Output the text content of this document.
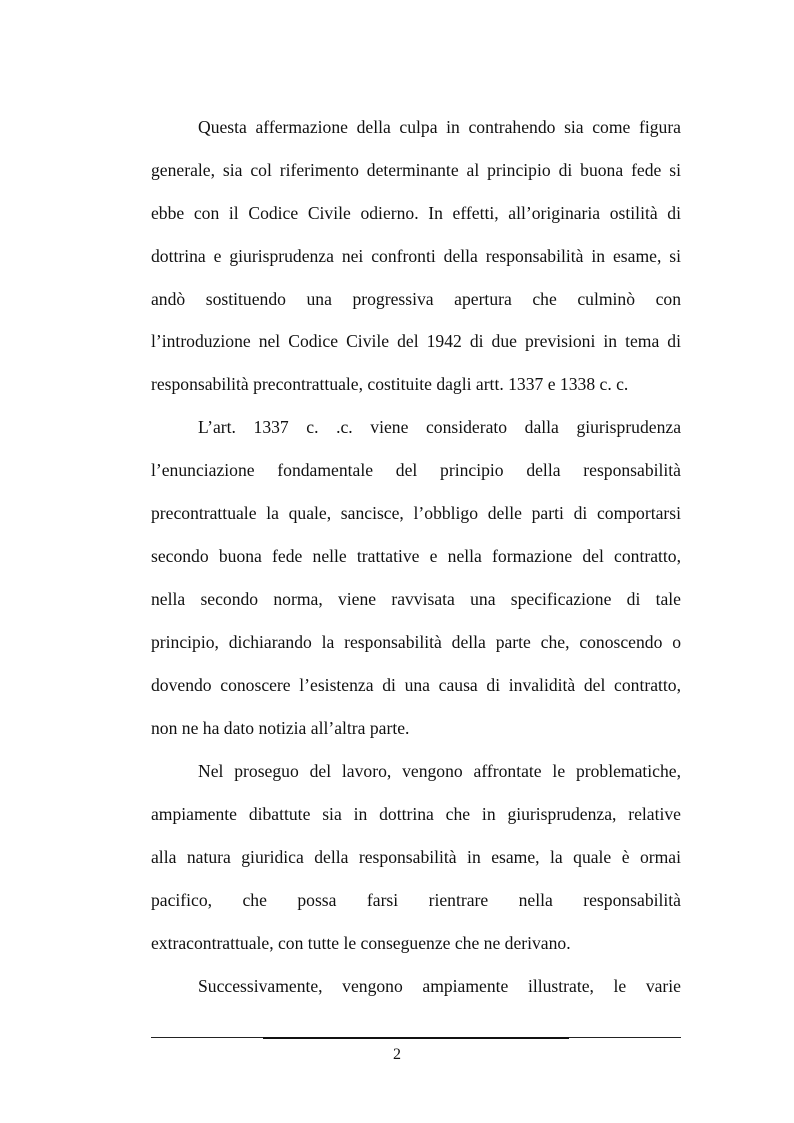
Questa affermazione della culpa in contrahendo sia come figura
generale, sia col riferimento determinante al principio di buona fede si
ebbe con il Codice Civile odierno. In effetti, all’originaria ostilità di
dottrina e giurisprudenza nei confronti della responsabilità in esame, si
andò sostituendo una progressiva apertura che culminò con
l’introduzione nel Codice Civile del 1942 di due previsioni in tema di
responsabilità precontrattuale, costituite dagli artt. 1337 e 1338 c. c.
L’art. 1337 c. .c. viene considerato dalla giurisprudenza
l’enunciazione fondamentale del principio della responsabilità
precontrattuale la quale, sancisce, l’obbligo delle parti di comportarsi
secondo buona fede nelle trattative e nella formazione del contratto,
nella secondo norma, viene ravvisata una specificazione di tale
principio, dichiarando la responsabilità della parte che, conoscendo o
dovendo conoscere l’esistenza di una causa di invalidità del contratto,
non ne ha dato notizia all’altra parte.
Nel proseguo del lavoro, vengono affrontate le problematiche,
ampiamente dibattute sia in dottrina che in giurisprudenza, relative
alla natura giuridica della responsabilità in esame, la quale è ormai
pacifico, che possa farsi rientrare nella responsabilità
extracontrattuale, con tutte le conseguenze che ne derivano.
Successivamente, vengono ampiamente illustrate, le varie
2
